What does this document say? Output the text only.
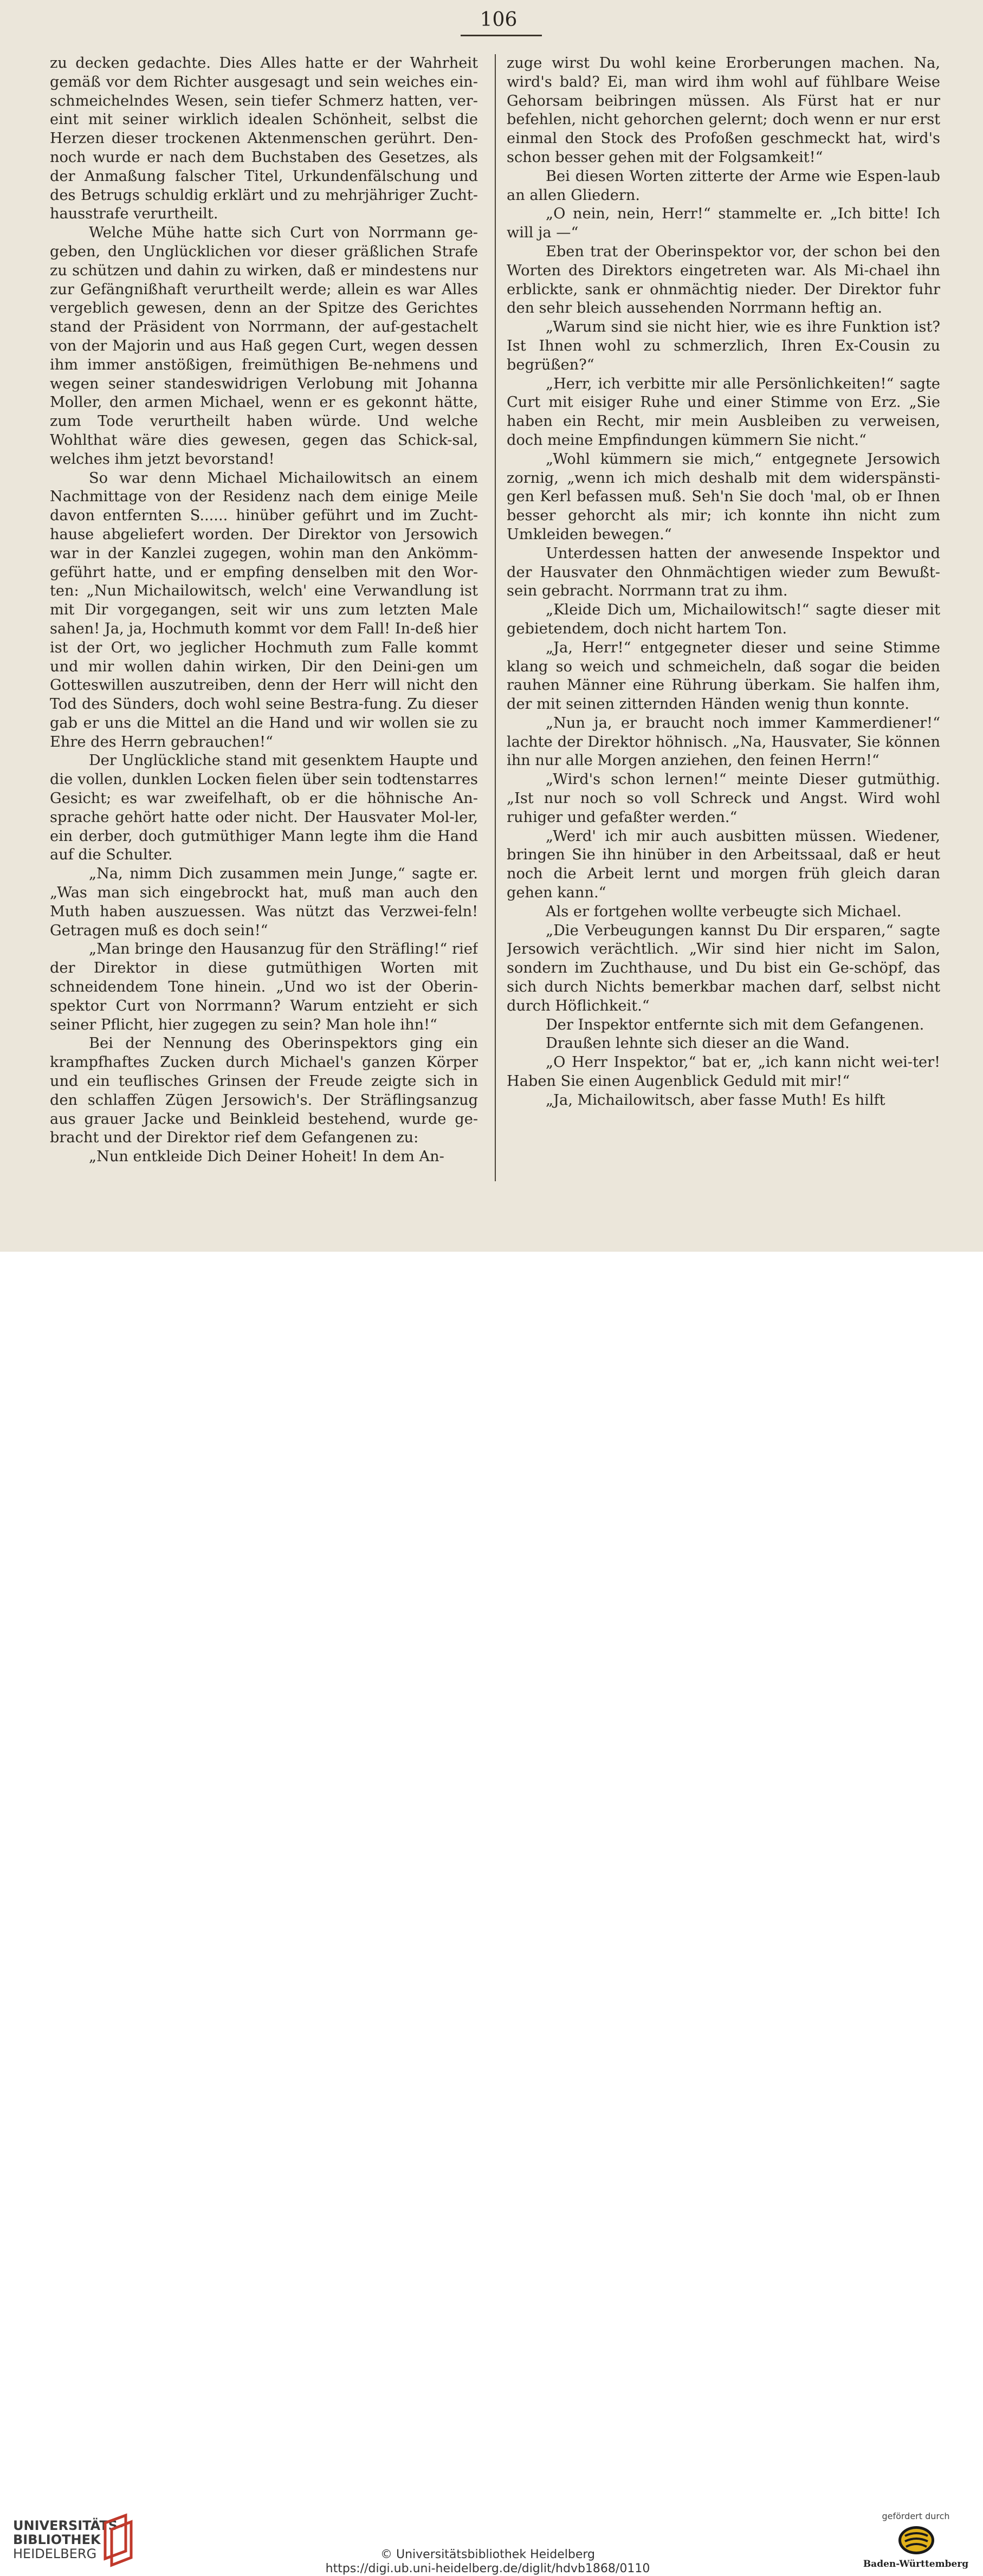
106

zu decken gedachte. Dies Alles hatte er der Wahrheit gemäß vor dem Richter ausgesagt und sein weiches ein-schmeichelndes Wesen, sein tiefer Schmerz hatten, ver-eint mit seiner wirklich idealen Schönheit, selbst die Herzen dieser trockenen Aktenmenschen gerührt. Den-noch wurde er nach dem Buchstaben des Gesetzes, als der Anmaßung falscher Titel, Urkundenfälschung und des Betrugs schuldig erklärt und zu mehrjähriger Zucht-hausstrafe verurtheilt.

Welche Mühe hatte sich Curt von Norrmann ge-geben, den Unglücklichen vor dieser gräßlichen Strafe zu schützen und dahin zu wirken, daß er mindestens nur zur Gefängnißhaft verurtheilt werde; allein es war Alles vergeblich gewesen, denn an der Spitze des Gerichtes stand der Präsident von Norrmann, der auf-gestachelt von der Majorin und aus Haß gegen Curt, wegen dessen ihm immer anstößigen, freimüthigen Be-nehmens und wegen seiner standeswidrigen Verlobung mit Johanna Moller, den armen Michael, wenn er es gekonnt hätte, zum Tode verurtheilt haben würde. Und welche Wohlthat wäre dies gewesen, gegen das Schick-sal, welches ihm jetzt bevorstand!

So war denn Michael Michailowitsch an einem Nachmittage von der Residenz nach dem einige Meile davon entfernten S...... hinüber geführt und im Zucht-hause abgeliefert worden. Der Direktor von Jersowich war in der Kanzlei zugegen, wohin man den Ankömm-geführt hatte, und er empfing denselben mit den Wor-ten: „Nun Michailowitsch, welch' eine Verwandlung ist mit Dir vorgegangen, seit wir uns zum letzten Male sahen! Ja, ja, Hochmuth kommt vor dem Fall! In-deß hier ist der Ort, wo jeglicher Hochmuth zum Falle kommt und mir wollen dahin wirken, Dir den Deini-gen um Gotteswillen auszutreiben, denn der Herr will nicht den Tod des Sünders, doch wohl seine Bestra-fung. Zu dieser gab er uns die Mittel an die Hand und wir wollen sie zu Ehre des Herrn gebrauchen!“

Der Unglückliche stand mit gesenktem Haupte und die vollen, dunklen Locken fielen über sein todtenstarres Gesicht; es war zweifelhaft, ob er die höhnische An-sprache gehört hatte oder nicht. Der Hausvater Mol-ler, ein derber, doch gutmüthiger Mann legte ihm die Hand auf die Schulter.

„Na, nimm Dich zusammen mein Junge,“ sagte er. „Was man sich eingebrockt hat, muß man auch den Muth haben auszuessen. Was nützt das Verzwei-feln! Getragen muß es doch sein!“

„Man bringe den Hausanzug für den Sträfling!“ rief der Direktor in diese gutmüthigen Worten mit schneidendem Tone hinein. „Und wo ist der Oberin-spektor Curt von Norrmann? Warum entzieht er sich seiner Pflicht, hier zugegen zu sein? Man hole ihn!“

Bei der Nennung des Oberinspektors ging ein krampfhaftes Zucken durch Michael's ganzen Körper und ein teuflisches Grinsen der Freude zeigte sich in den schlaffen Zügen Jersowich's. Der Sträflingsanzug aus grauer Jacke und Beinkleid bestehend, wurde ge-bracht und der Direktor rief dem Gefangenen zu:

„Nun entkleide Dich Deiner Hoheit! In dem An-

zuge wirst Du wohl keine Erorberungen machen. Na, wird's bald? Ei, man wird ihm wohl auf fühlbare Weise Gehorsam beibringen müssen. Als Fürst hat er nur befehlen, nicht gehorchen gelernt; doch wenn er nur erst einmal den Stock des Profoßen geschmeckt hat, wird's schon besser gehen mit der Folgsamkeit!“

Bei diesen Worten zitterte der Arme wie Espen-laub an allen Gliedern.

„O nein, nein, Herr!“ stammelte er. „Ich bitte! Ich will ja —“

Eben trat der Oberinspektor vor, der schon bei den Worten des Direktors eingetreten war. Als Mi-chael ihn erblickte, sank er ohnmächtig nieder. Der Direktor fuhr den sehr bleich aussehenden Norrmann heftig an.

„Warum sind sie nicht hier, wie es ihre Funktion ist? Ist Ihnen wohl zu schmerzlich, Ihren Ex-Cousin zu begrüßen?“

„Herr, ich verbitte mir alle Persönlichkeiten!“ sagte Curt mit eisiger Ruhe und einer Stimme von Erz. „Sie haben ein Recht, mir mein Ausbleiben zu verweisen, doch meine Empfindungen kümmern Sie nicht.“

„Wohl kümmern sie mich,“ entgegnete Jersowich zornig, „wenn ich mich deshalb mit dem widerspänsti-gen Kerl befassen muß. Seh'n Sie doch 'mal, ob er Ihnen besser gehorcht als mir; ich konnte ihn nicht zum Umkleiden bewegen.“

Unterdessen hatten der anwesende Inspektor und der Hausvater den Ohnmächtigen wieder zum Bewußt-sein gebracht. Norrmann trat zu ihm.

„Kleide Dich um, Michailowitsch!“ sagte dieser mit gebietendem, doch nicht hartem Ton.

„Ja, Herr!“ entgegneter dieser und seine Stimme klang so weich und schmeicheln, daß sogar die beiden rauhen Männer eine Rührung überkam. Sie halfen ihm, der mit seinen zitternden Händen wenig thun konnte.

„Nun ja, er braucht noch immer Kammerdiener!“ lachte der Direktor höhnisch. „Na, Hausvater, Sie können ihn nur alle Morgen anziehen, den feinen Herrn!“

„Wird's schon lernen!“ meinte Dieser gutmüthig. „Ist nur noch so voll Schreck und Angst. Wird wohl ruhiger und gefaßter werden.“

„Werd' ich mir auch ausbitten müssen. Wiedener, bringen Sie ihn hinüber in den Arbeitssaal, daß er heut noch die Arbeit lernt und morgen früh gleich daran gehen kann.“

Als er fortgehen wollte verbeugte sich Michael.

„Die Verbeugungen kannst Du Dir ersparen,“ sagte Jersowich verächtlich. „Wir sind hier nicht im Salon, sondern im Zuchthause, und Du bist ein Ge-schöpf, das sich durch Nichts bemerkbar machen darf, selbst nicht durch Höflichkeit.“

Der Inspektor entfernte sich mit dem Gefangenen.

Draußen lehnte sich dieser an die Wand.

„O Herr Inspektor,“ bat er, „ich kann nicht wei-ter! Haben Sie einen Augenblick Geduld mit mir!“

„Ja, Michailowitsch, aber fasse Muth! Es hilft

UNIVERSITÄTS-
BIBLIOTHEK
HEIDELBERG	© Universitätsbibliothek Heidelberg
https://digi.ub.uni-heidelberg.de/diglit/hdvb1868/0110
gefördert durch
Baden-Württemberg
